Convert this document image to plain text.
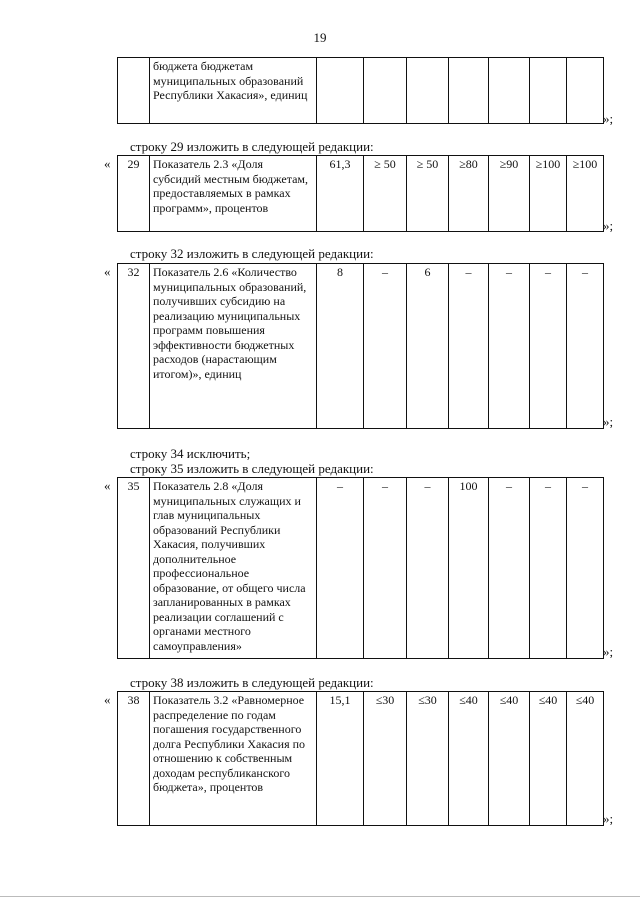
19
	бюджета бюджетам муниципальных образований Республики Хакасия», единиц							
»;
строку 29 изложить в следующей редакции:
« 29	Показатель 2.3 «Доля субсидий местным бюджетам, предоставляемых в рамках программ», процентов	61,3	≥ 50	≥ 50	≥80	≥90	≥100	≥100
»;
строку 32 изложить в следующей редакции:
« 32	Показатель 2.6 «Количество муниципальных образований, получивших субсидию на реализацию муниципальных программ повышения эффективности бюджетных расходов (нарастающим итогом)», единиц	8	–	6	–	–	–	–
»;
строку 34 исключить;
строку 35 изложить в следующей редакции:
« 35	Показатель 2.8 «Доля муниципальных служащих и глав муниципальных образований Республики Хакасия, получивших дополнительное профессиональное образование, от общего числа запланированных в рамках реализации соглашений с органами местного самоуправления»	–	–	–	100	–	–	–
»;
строку 38 изложить в следующей редакции:
« 38	Показатель 3.2 «Равномерное распределение по годам погашения государственного долга Республики Хакасия по отношению к собственным доходам республиканского бюджета», процентов	15,1	≤30	≤30	≤40	≤40	≤40	≤40
»;
